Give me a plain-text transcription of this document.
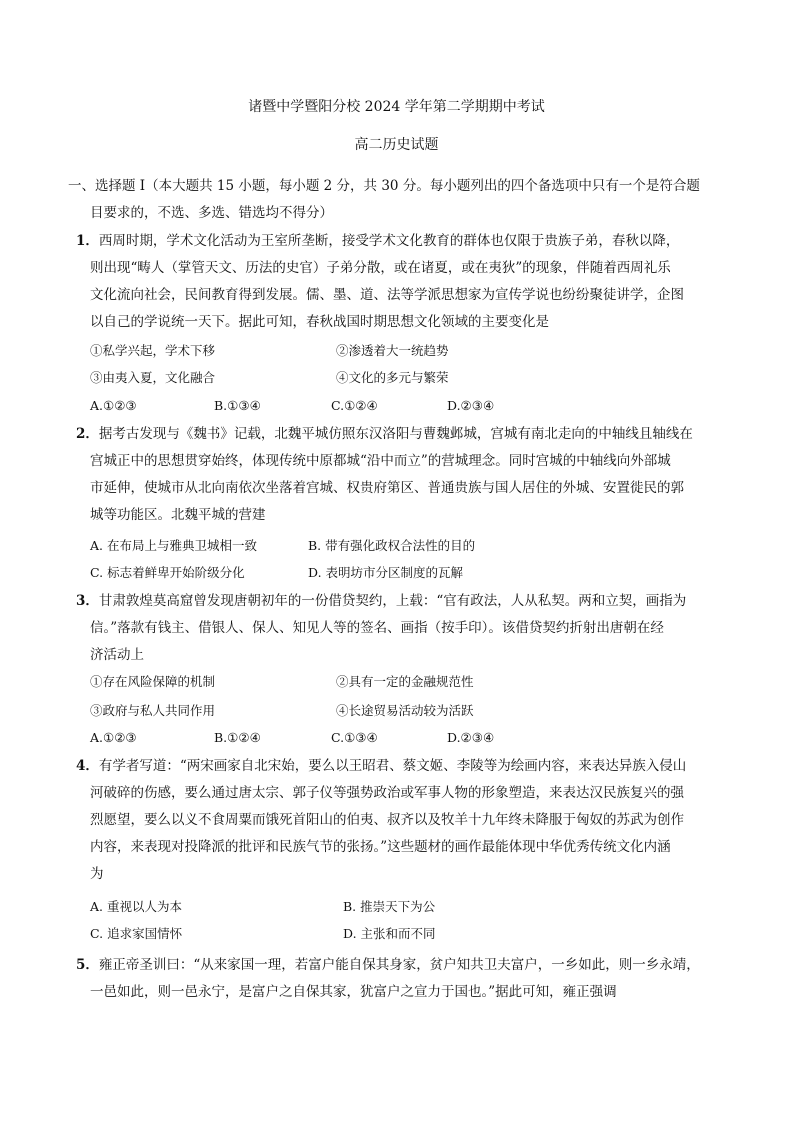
诸暨中学暨阳分校 2024 学年第二学期期中考试
高二历史试题
一、选择题 I（本大题共 15 小题，每小题 2 分，共 30 分。每小题列出的四个备选项中只有一个是符合题
目要求的，不选、多选、错选均不得分）
1．西周时期，学术文化活动为王室所垄断，接受学术文化教育的群体也仅限于贵族子弟，春秋以降，
则出现“畴人（掌管天文、历法的史官）子弟分散，或在诸夏，或在夷狄”的现象，伴随着西周礼乐
文化流向社会，民间教育得到发展。儒、墨、道、法等学派思想家为宣传学说也纷纷聚徒讲学，企图
以自己的学说统一天下。据此可知，春秋战国时期思想文化领域的主要变化是
①私学兴起，学术下移	②渗透着大一统趋势
③由夷入夏，文化融合	④文化的多元与繁荣
A.①②③	B.①③④	C.①②④	D.②③④
2．据考古发现与《魏书》记载，北魏平城仿照东汉洛阳与曹魏邺城，宫城有南北走向的中轴线且轴线在
宫城正中的思想贯穿始终，体现传统中原都城“沿中而立”的营城理念。同时宫城的中轴线向外部城
市延伸，使城市从北向南依次坐落着宫城、权贵府第区、普通贵族与国人居住的外城、安置徙民的郭
城等功能区。北魏平城的营建
A. 在布局上与雅典卫城相一致	B. 带有强化政权合法性的目的
C. 标志着鲜卑开始阶级分化	D. 表明坊市分区制度的瓦解
3．甘肃敦煌莫高窟曾发现唐朝初年的一份借贷契约，上载：“官有政法，人从私契。两和立契，画指为
信。”落款有钱主、借银人、保人、知见人等的签名、画指（按手印）。该借贷契约折射出唐朝在经
济活动上
①存在风险保障的机制	②具有一定的金融规范性
③政府与私人共同作用	④长途贸易活动较为活跃
A.①②③	B.①②④	C.①③④	D.②③④
4．有学者写道：“两宋画家自北宋始，要么以王昭君、蔡文姬、李陵等为绘画内容，来表达异族入侵山
河破碎的伤感，要么通过唐太宗、郭子仪等强势政治或军事人物的形象塑造，来表达汉民族复兴的强
烈愿望，要么以义不食周粟而饿死首阳山的伯夷、叔齐以及牧羊十九年终未降服于匈奴的苏武为创作
内容，来表现对投降派的批评和民族气节的张扬。”这些题材的画作最能体现中华优秀传统文化内涵
为
A. 重视以人为本	B. 推崇天下为公
C. 追求家国情怀	D. 主张和而不同
5．雍正帝圣训曰：“从来家国一理，若富户能自保其身家，贫户知共卫夫富户，一乡如此，则一乡永靖，
一邑如此，则一邑永宁，是富户之自保其家，犹富户之宣力于国也。”据此可知，雍正强调
